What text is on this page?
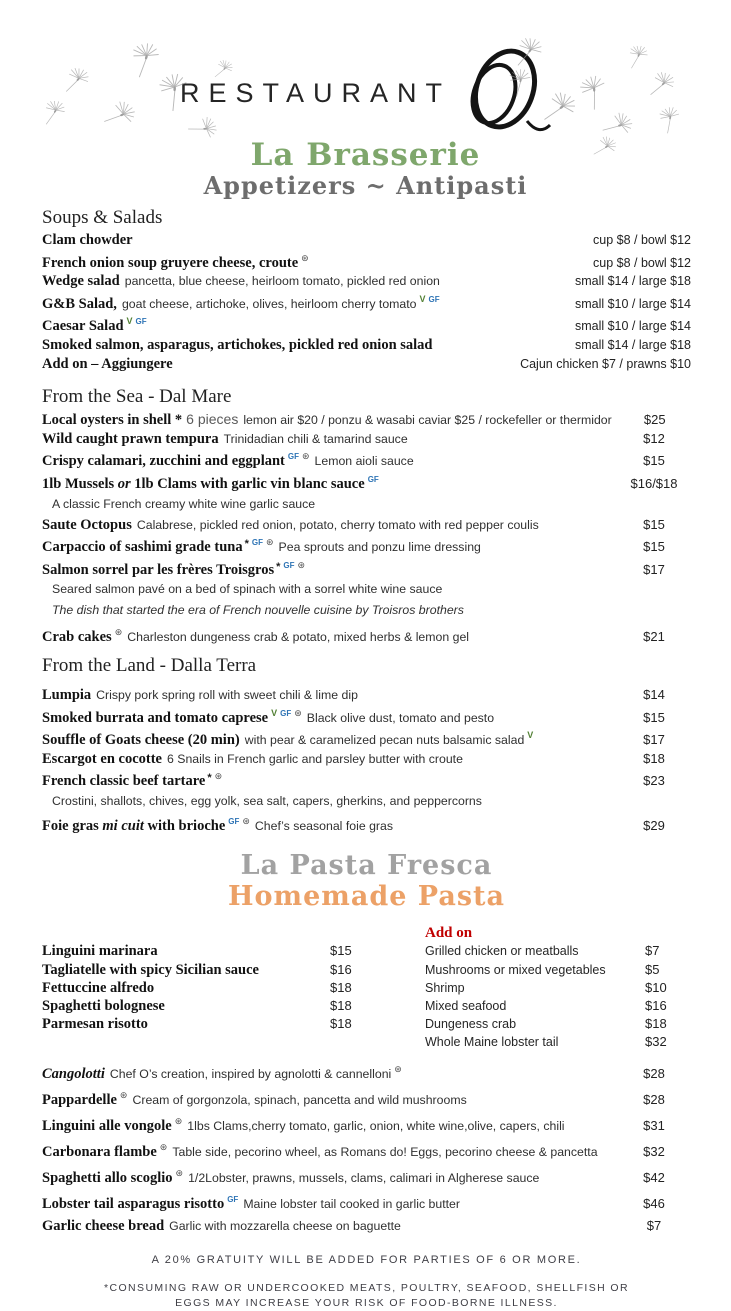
RESTAURANT
La Brasserie
Appetizers ~ Antipasti
Soups & Salads
Clam chowder	cup $8 / bowl $12
French onion soup gruyere cheese, croute ⊛	cup $8 / bowl $12
Wedge salad pancetta, blue cheese, heirloom tomato, pickled red onion	small $14 / large $18
G&B Salad, goat cheese, artichoke, olives, heirloom cherry tomato $^V$ $^{GF}$	small $10 / large $14
Caesar Salad $^V$ $^{GF}$	small $10 / large $14
Smoked salmon, asparagus, artichokes, pickled red onion salad	small $14 / large $18
Add on – Aggiungere	Cajun chicken $7 / prawns $10
From the Sea - Dal Mare
Local oysters in shell * 6 pieces lemon air $20 / ponzu & wasabi caviar $25 / rockefeller or thermidor	$25
Wild caught prawn tempura Trinidadian chili & tamarind sauce	$12
Crispy calamari, zucchini and eggplant $^{GF}$ ⊛ Lemon aioli sauce	$15
1lb Mussels or 1lb Clams with garlic vin blanc sauce $^{GF}$	$16/$18
A classic French creamy white wine garlic sauce
Saute Octopus Calabrese, pickled red onion, potato, cherry tomato with red pepper coulis	$15
Carpaccio of sashimi grade tuna * $^{GF}$ ⊛ Pea sprouts and ponzu lime dressing	$15
Salmon sorrel par les frères Troisgros * $^{GF}$ ⊛	$17
Seared salmon pavé on a bed of spinach with a sorrel white wine sauce
The dish that started the era of French nouvelle cuisine by Troisros brothers
Crab cakes ⊛ Charleston dungeness crab & potato, mixed herbs & lemon gel	$21
From the Land - Dalla Terra
Lumpia Crispy pork spring roll with sweet chili & lime dip	$14
Smoked burrata and tomato caprese $^V$ $^{GF}$ ⊛ Black olive dust, tomato and pesto	$15
Souffle of Goats cheese (20 min) with pear & caramelized pecan nuts balsamic salad $^V$	$17
Escargot en cocotte 6 Snails in French garlic and parsley butter with croute	$18
French classic beef tartare * ⊛	$23
Crostini, shallots, chives, egg yolk, sea salt, capers, gherkins, and peppercorns
Foie gras mi cuit with brioche $^{GF}$ ⊛ Chef’s seasonal foie gras	$29
La Pasta Fresca
Homemade Pasta
Linguini marinara	$15
Tagliatelle with spicy Sicilian sauce	$16
Fettuccine alfredo	$18
Spaghetti bolognese	$18
Parmesan risotto	$18
Add on
Grilled chicken or meatballs	$7
Mushrooms or mixed vegetables	$5
Shrimp	$10
Mixed seafood	$16
Dungeness crab	$18
Whole Maine lobster tail	$32
Cangolotti Chef O’s creation, inspired by agnolotti & cannelloni ⊛	$28
Pappardelle ⊛ Cream of gorgonzola, spinach, pancetta and wild mushrooms	$28
Linguini alle vongole ⊛ 1lbs Clams,cherry tomato, garlic, onion, white wine,olive, capers, chili	$31
Carbonara flambe ⊛ Table side, pecorino wheel, as Romans do! Eggs, pecorino cheese & pancetta	$32
Spaghetti allo scoglio ⊛ 1/2Lobster, prawns, mussels, clams, calimari in Algherese sauce	$42
Lobster tail asparagus risotto $^{GF}$ Maine lobster tail cooked in garlic butter	$46
Garlic cheese bread Garlic with mozzarella cheese on baguette	$7
A 20% GRATUITY WILL BE ADDED FOR PARTIES OF 6 OR MORE.
*CONSUMING RAW OR UNDERCOOKED MEATS, POULTRY, SEAFOOD, SHELLFISH OR EGGS MAY INCREASE YOUR RISK OF FOOD-BORNE ILLNESS.
